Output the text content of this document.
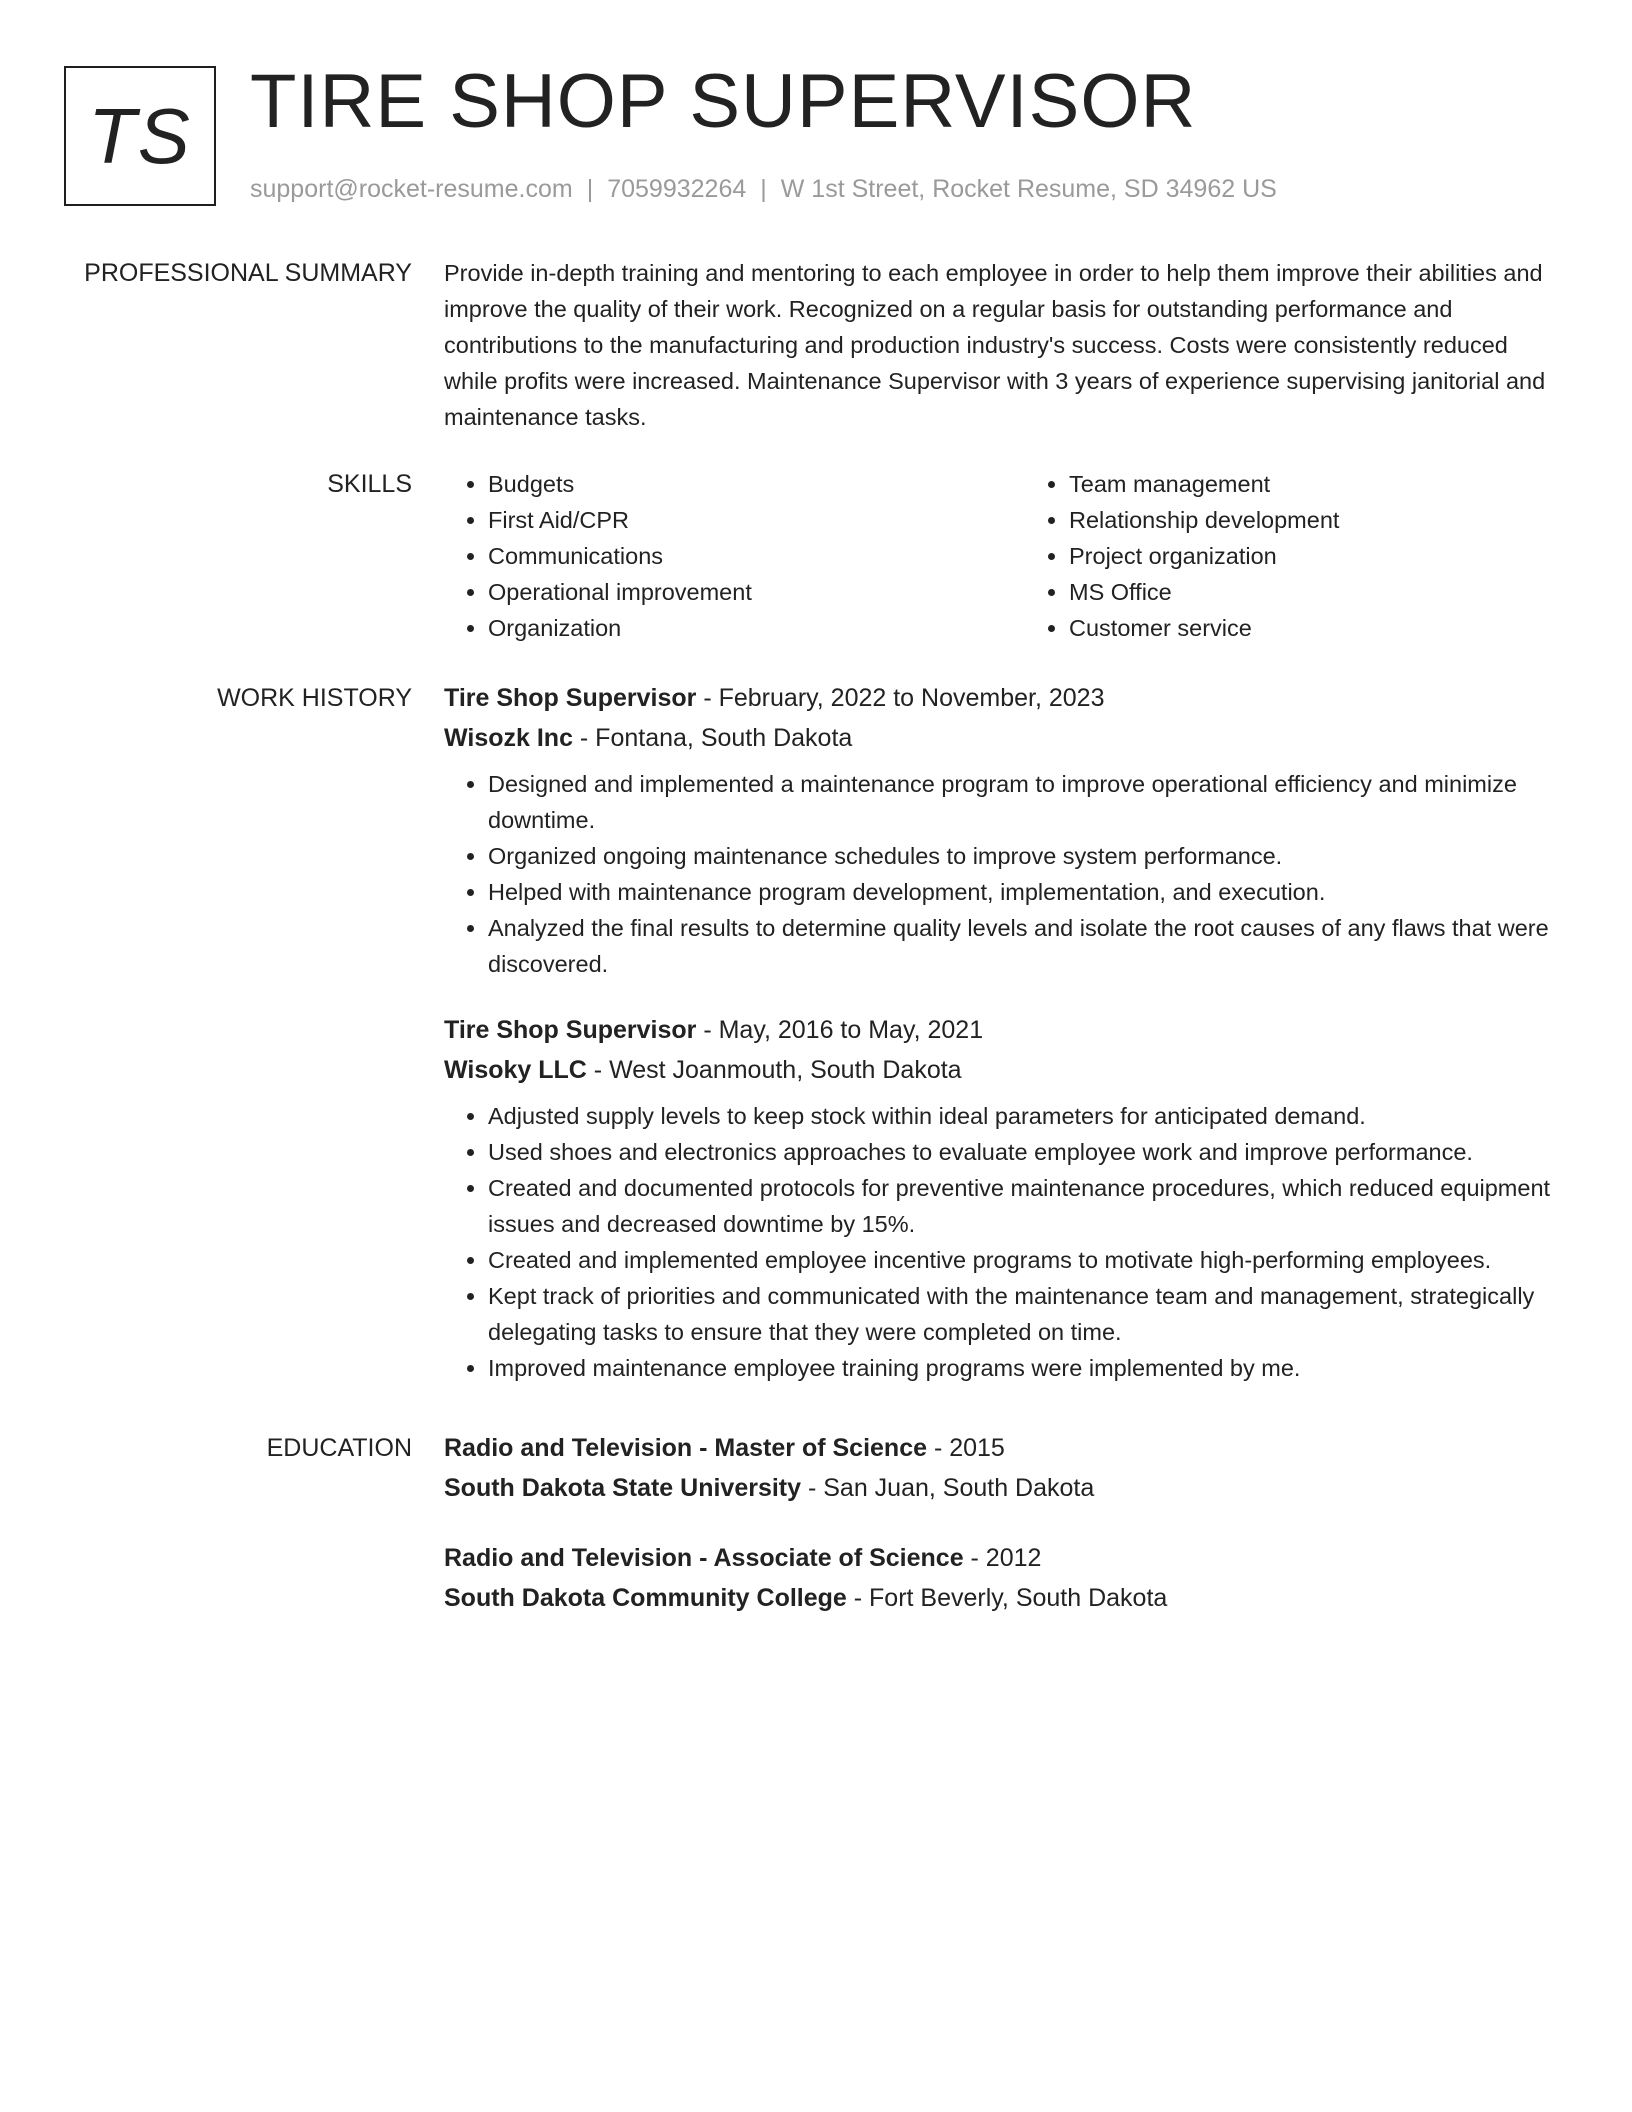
TS TIRE SHOP SUPERVISOR
support@rocket-resume.com | 7059932264 | W 1st Street, Rocket Resume, SD 34962 US
PROFESSIONAL SUMMARY Provide in-depth training and mentoring to each employee in order to help them improve their abilities and improve the quality of their work. Recognized on a regular basis for outstanding performance and contributions to the manufacturing and production industry's success. Costs were consistently reduced while profits were increased. Maintenance Supervisor with 3 years of experience supervising janitorial and maintenance tasks.

SKILLS
•	Budgets
• First Aid/CPR
• Communications
• Operational improvement
• Organization
• Team management
• Relationship development
• Project organization
• MS Office
• Customer service
WORK HISTORY Tire Shop Supervisor - February, 2022 to November, 2023
Wisozk Inc - Fontana, South Dakota
• Designed and implemented a maintenance program to improve operational efficiency and minimize downtime.
• Organized ongoing maintenance schedules to improve system performance.
• Helped with maintenance program development, implementation, and execution.
• Analyzed the final results to determine quality levels and isolate the root causes of any flaws that were discovered.
Tire Shop Supervisor - May, 2016 to May, 2021
Wisoky LLC - West Joanmouth, South Dakota
• Adjusted supply levels to keep stock within ideal parameters for anticipated demand.
• Used shoes and electronics approaches to evaluate employee work and improve performance.
• Created and documented protocols for preventive maintenance procedures, which reduced equipment issues and decreased downtime by 15%.
• Created and implemented employee incentive programs to motivate high-performing employees.
• Kept track of priorities and communicated with the maintenance team and management, strategically delegating tasks to ensure that they were completed on time.
• Improved maintenance employee training programs were implemented by me.
EDUCATION Radio and Television - Master of Science - 2015
South Dakota State University - San Juan, South Dakota
Radio and Television - Associate of Science - 2012
South Dakota Community College - Fort Beverly, South Dakota
